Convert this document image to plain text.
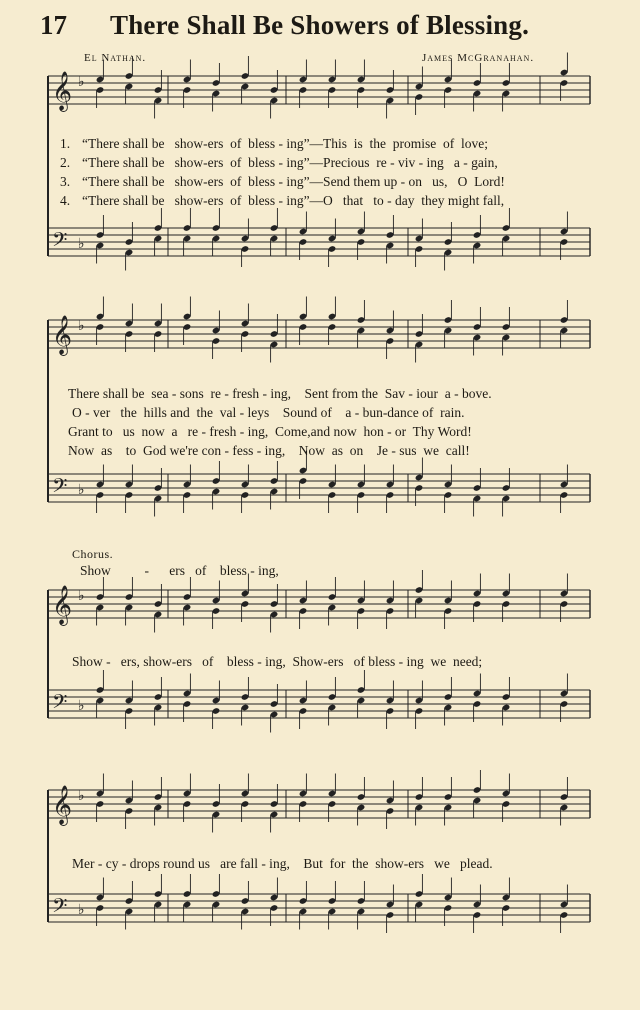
17 There Shall Be Showers of Blessing.
El Nathan.	James McGranahan.
𝄞 ♭
𝄢 ♭
1. “There shall be   show-ers  of  bless - ing”—This  is  the  promise  of  love;
2. “There shall be   show-ers  of  bless - ing”—Precious  re - viv - ing   a - gain,
3. “There shall be   show-ers  of  bless - ing”—Send them up - on   us,   O  Lord!
4. “There shall be   show-ers  of  bless - ing”—O   that   to - day  they might fall,
𝄞 ♭
𝄢 ♭
There shall be  sea - sons  re - fresh - ing,    Sent from the  Sav - iour  a - bove.
O - ver   the  hills and  the  val - leys    Sound of    a - bun-dance of  rain.
Grant to   us  now  a   re - fresh - ing,  Come,and now  hon - or  Thy Word!
Now  as    to  God we're con - fess - ing,    Now  as  on    Je - sus  we  call!
Chorus.
Show          -      ers   of    bless - ing,
𝄞 ♭
𝄢 ♭
Show -   ers, show-ers   of    bless - ing,  Show-ers   of bless - ing  we  need;
𝄞 ♭
𝄢 ♭
Mer - cy - drops round us   are fall - ing,    But  for  the  show-ers   we   plead.
